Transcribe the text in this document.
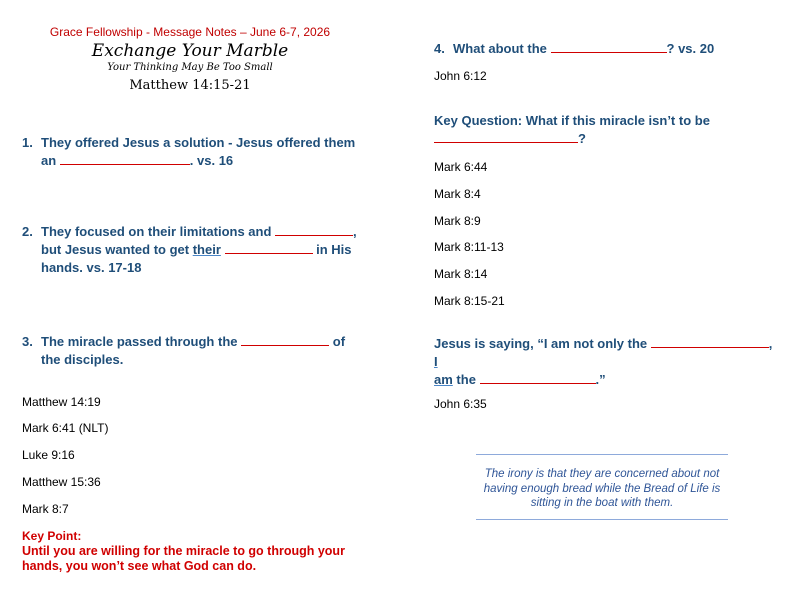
Grace Fellowship - Message Notes – June 6-7, 2026
Exchange Your Marble
Your Thinking May Be Too Small
Matthew 14:15-21
1. They offered Jesus a solution - Jesus offered them
an	. vs. 16
2. They focused on their limitations and	,
but Jesus wanted to get their	in His
hands. vs. 17-18
3. The miracle passed through the	of
the disciples.
Matthew 14:19
Mark 6:41 (NLT)
Luke 9:16
Matthew 15:36
Mark 8:7
Key Point:
Until you are willing for the miracle to go through your
hands, you won’t see what God can do.
4. What about the	? vs. 20
John 6:12
Key Question: What if this miracle isn’t to be
?
Mark 6:44
Mark 8:4
Mark 8:9
Mark 8:11-13
Mark 8:14
Mark 8:15-21
Jesus is saying, “I am not only the	, I
am the	.”
John 6:35
The irony is that they are concerned about not having enough bread while the Bread of Life is sitting in the boat with them.
